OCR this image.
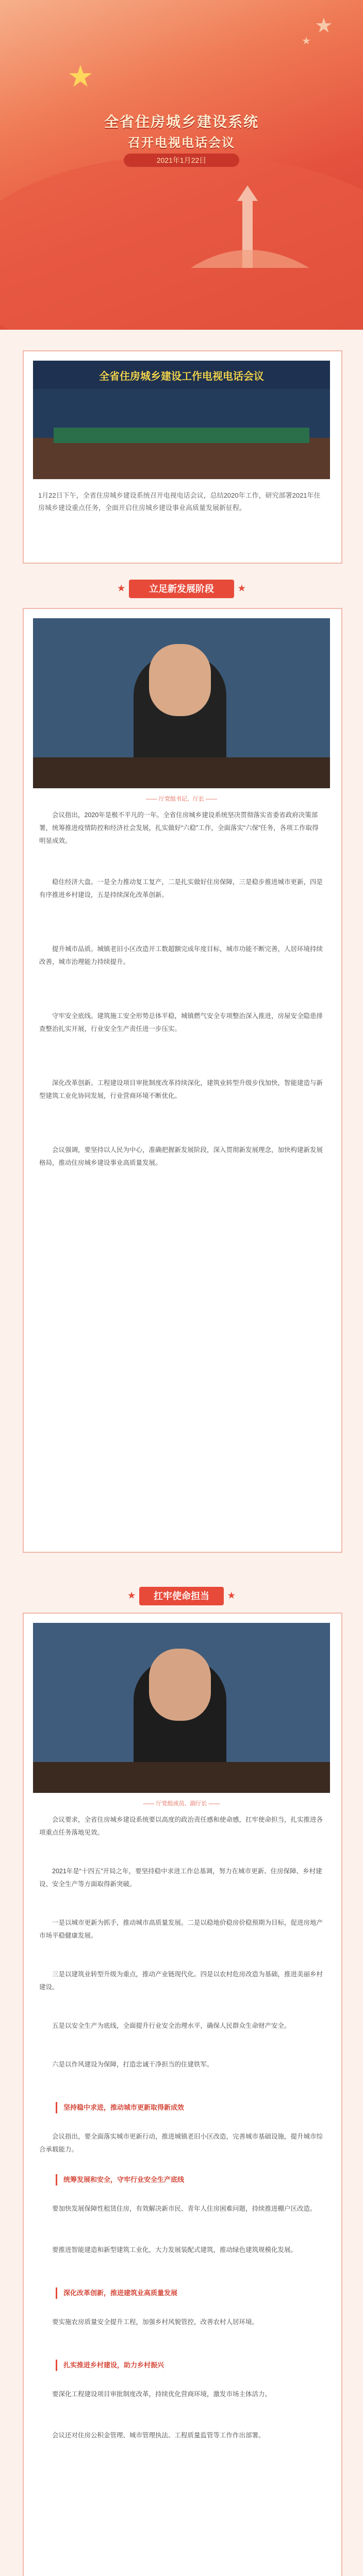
★
★
★
全省住房城乡建设系统
召开电视电话会议
2021年1月22日
全省住房城乡建设工作电视电话会议
1月22日下午，全省住房城乡建设系统召开电视电话会议，总结2020年工作，研究部署2021年住房城乡建设重点任务，全面开启住房城乡建设事业高质量发展新征程。
★ 立足新发展阶段 ★
—— 厅党组书记、厅长 ——
会议指出，2020年是极不平凡的一年。全省住房城乡建设系统坚决贯彻落实省委省政府决策部署，统筹推进疫情防控和经济社会发展，扎实做好“六稳”工作，全面落实“六保”任务，各项工作取得明显成效。
稳住经济大盘。一是全力推动复工复产，二是扎实做好住房保障，三是稳步推进城市更新，四是有序推进乡村建设，五是持续深化改革创新。
提升城市品质。城镇老旧小区改造开工数超额完成年度目标，城市功能不断完善，人居环境持续改善，城市治理能力持续提升。
守牢安全底线。建筑施工安全形势总体平稳，城镇燃气安全专项整治深入推进，房屋安全隐患排查整治扎实开展，行业安全生产责任进一步压实。
深化改革创新。工程建设项目审批制度改革持续深化，建筑业转型升级步伐加快，智能建造与新型建筑工业化协同发展，行业营商环境不断优化。
会议强调，要坚持以人民为中心，准确把握新发展阶段，深入贯彻新发展理念，加快构建新发展格局，推动住房城乡建设事业高质量发展。
★ 扛牢使命担当 ★
—— 厅党组成员、副厅长 ——
会议要求，全省住房城乡建设系统要以高度的政治责任感和使命感，扛牢使命担当，扎实推进各项重点任务落地见效。
2021年是“十四五”开局之年，要坚持稳中求进工作总基调，努力在城市更新、住房保障、乡村建设、安全生产等方面取得新突破。
一是以城市更新为抓手，推动城市高质量发展。二是以稳地价稳房价稳预期为目标，促进房地产市场平稳健康发展。
三是以建筑业转型升级为重点，推动产业链现代化。四是以农村危房改造为基础，推进美丽乡村建设。
五是以安全生产为底线，全面提升行业安全治理水平，确保人民群众生命财产安全。
六是以作风建设为保障，打造忠诚干净担当的住建铁军。
坚持稳中求进，推动城市更新取得新成效
会议指出，要全面落实城市更新行动，推进城镇老旧小区改造，完善城市基础设施，提升城市综合承载能力。
统筹发展和安全，守牢行业安全生产底线
要加快发展保障性租赁住房，有效解决新市民、青年人住房困难问题，持续推进棚户区改造。
要推进智能建造和新型建筑工业化，大力发展装配式建筑，推动绿色建筑规模化发展。
深化改革创新，推进建筑业高质量发展
要实施农房质量安全提升工程，加强乡村风貌管控，改善农村人居环境。
扎实推进乡村建设，助力乡村振兴
要深化工程建设项目审批制度改革，持续优化营商环境，激发市场主体活力。
会议还对住房公积金管理、城市管理执法、工程质量监管等工作作出部署。
